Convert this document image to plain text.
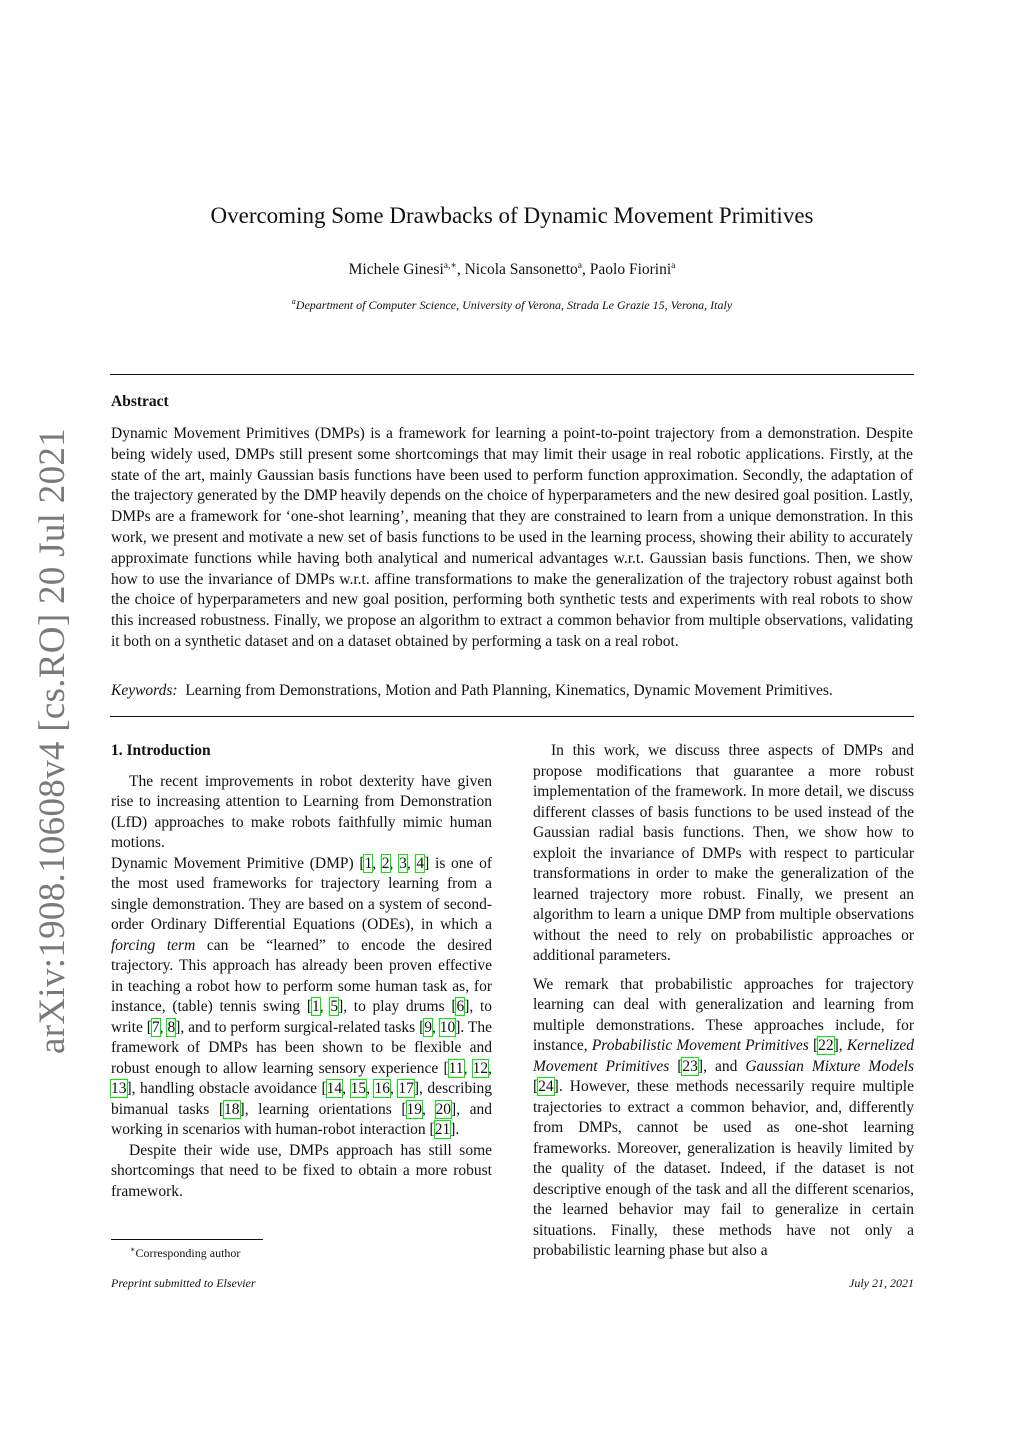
arXiv:1908.10608v4 [cs.RO] 20 Jul 2021
Overcoming Some Drawbacks of Dynamic Movement Primitives
Michele Ginesi$^{a,∗}$, Nicola Sansonetto$^a$, Paolo Fiorini$^a$
$^a$Department of Computer Science, University of Verona, Strada Le Grazie 15, Verona, Italy
Abstract
Dynamic Movement Primitives (DMPs) is a framework for learning a point-to-point trajectory from a demonstration. Despite being widely used, DMPs still present some shortcomings that may limit their usage in real robotic applications. Firstly, at the state of the art, mainly Gaussian basis functions have been used to perform function approximation. Secondly, the adaptation of the trajectory generated by the DMP heavily depends on the choice of hyperparameters and the new desired goal position. Lastly, DMPs are a framework for ‘one-shot learning’, meaning that they are constrained to learn from a unique demonstration. In this work, we present and motivate a new set of basis functions to be used in the learning process, showing their ability to accurately approximate functions while having both analytical and numerical advantages w.r.t. Gaussian basis functions. Then, we show how to use the invariance of DMPs w.r.t. affine transformations to make the generalization of the trajectory robust against both the choice of hyperparameters and new goal position, performing both synthetic tests and experiments with real robots to show this increased robustness. Finally, we propose an algorithm to extract a common behavior from multiple observations, validating it both on a synthetic dataset and on a dataset obtained by performing a task on a real robot.
Keywords: Learning from Demonstrations, Motion and Path Planning, Kinematics, Dynamic Movement Primitives.
1. Introduction

The recent improvements in robot dexterity have given rise to increasing attention to Learning from Demonstration (LfD) approaches to make robots faithfully mimic human motions.

Dynamic Movement Primitive (DMP) [1, 2, 3, 4] is one of the most used frameworks for trajectory learning from a single demonstration. They are based on a system of second-order Ordinary Differential Equations (ODEs), in which a forcing term can be “learned” to encode the desired trajectory. This approach has already been proven effective in teaching a robot how to perform some human task as, for instance, (table) tennis swing [1, 5], to play drums [6], to write [7, 8], and to perform surgical-related tasks [9, 10]. The framework of DMPs has been shown to be flexible and robust enough to allow learning sensory experience [11, 12, 13], handling obstacle avoidance [14, 15, 16, 17], describing bimanual tasks [18], learning orientations [19, 20], and working in scenarios with human-robot interaction [21].

Despite their wide use, DMPs approach has still some shortcomings that need to be fixed to obtain a more robust framework.

In this work, we discuss three aspects of DMPs and propose modifications that guarantee a more robust implementation of the framework. In more detail, we discuss different classes of basis functions to be used instead of the Gaussian radial basis functions. Then, we show how to exploit the invariance of DMPs with respect to particular transformations in order to make the generalization of the learned trajectory more robust. Finally, we present an algorithm to learn a unique DMP from multiple observations without the need to rely on probabilistic approaches or additional parameters.

We remark that probabilistic approaches for trajectory learning can deal with generalization and learning from multiple demonstrations. These approaches include, for instance, Probabilistic Movement Primitives [22], Kernelized Movement Primitives [23], and Gaussian Mixture Models [24]. However, these methods necessarily require multiple trajectories to extract a common behavior, and, differently from DMPs, cannot be used as one-shot learning frameworks. Moreover, generalization is heavily limited by the quality of the dataset. Indeed, if the dataset is not descriptive enough of the task and all the different scenarios, the learned behavior may fail to generalize in certain situations. Finally, these methods have not only a probabilistic learning phase but also a

∗Corresponding author
Preprint submitted to Elsevier	July 21, 2021
